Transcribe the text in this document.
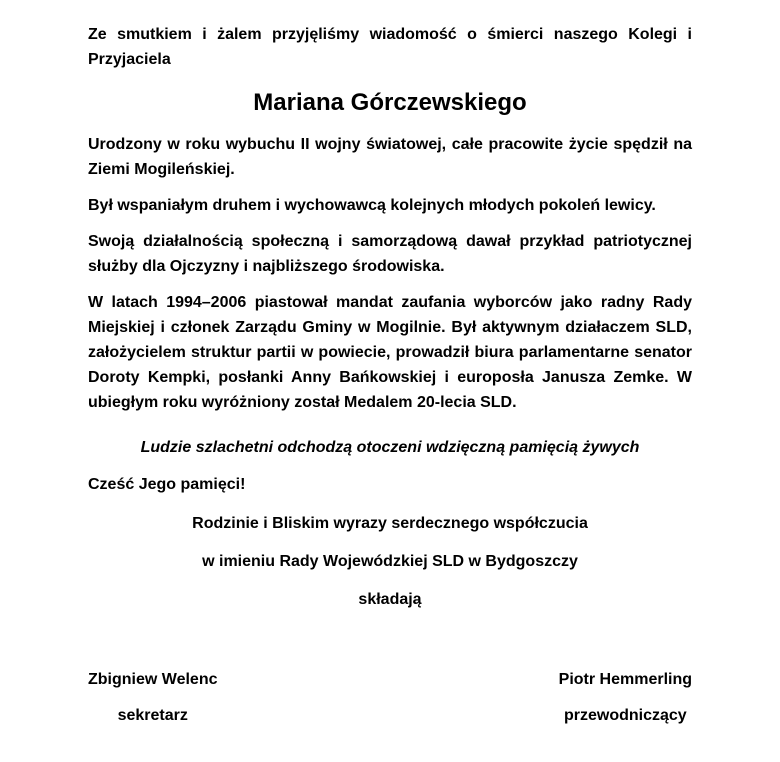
Ze smutkiem i żalem przyjęliśmy wiadomość o śmierci naszego Kolegi i Przyjaciela

Mariana Górczewskiego

Urodzony w roku wybuchu II wojny światowej, całe pracowite życie spędził na Ziemi Mogileńskiej.

Był wspaniałym druhem i wychowawcą kolejnych młodych pokoleń lewicy.

Swoją działalnością społeczną i samorządową dawał przykład patriotycznej służby dla Ojczyzny i najbliższego środowiska.

W latach 1994–2006 piastował mandat zaufania wyborców jako radny Rady Miejskiej i członek Zarządu Gminy w Mogilnie. Był aktywnym działaczem SLD, założycielem struktur partii w powiecie, prowadził biura parlamentarne senator Doroty Kempki, posłanki Anny Bańkowskiej i europosła Janusza Zemke. W ubiegłym roku wyróżniony został Medalem 20-lecia SLD.

Ludzie szlachetni odchodzą otoczeni wdzięczną pamięcią żywych

Cześć Jego pamięci!

Rodzinie i Bliskim wyrazy serdecznego współczucia

w imieniu Rady Wojewódzkiej SLD w Bydgoszczy

składają

Zbigniew Welenc
sekretarz
Piotr Hemmerling
przewodniczący
